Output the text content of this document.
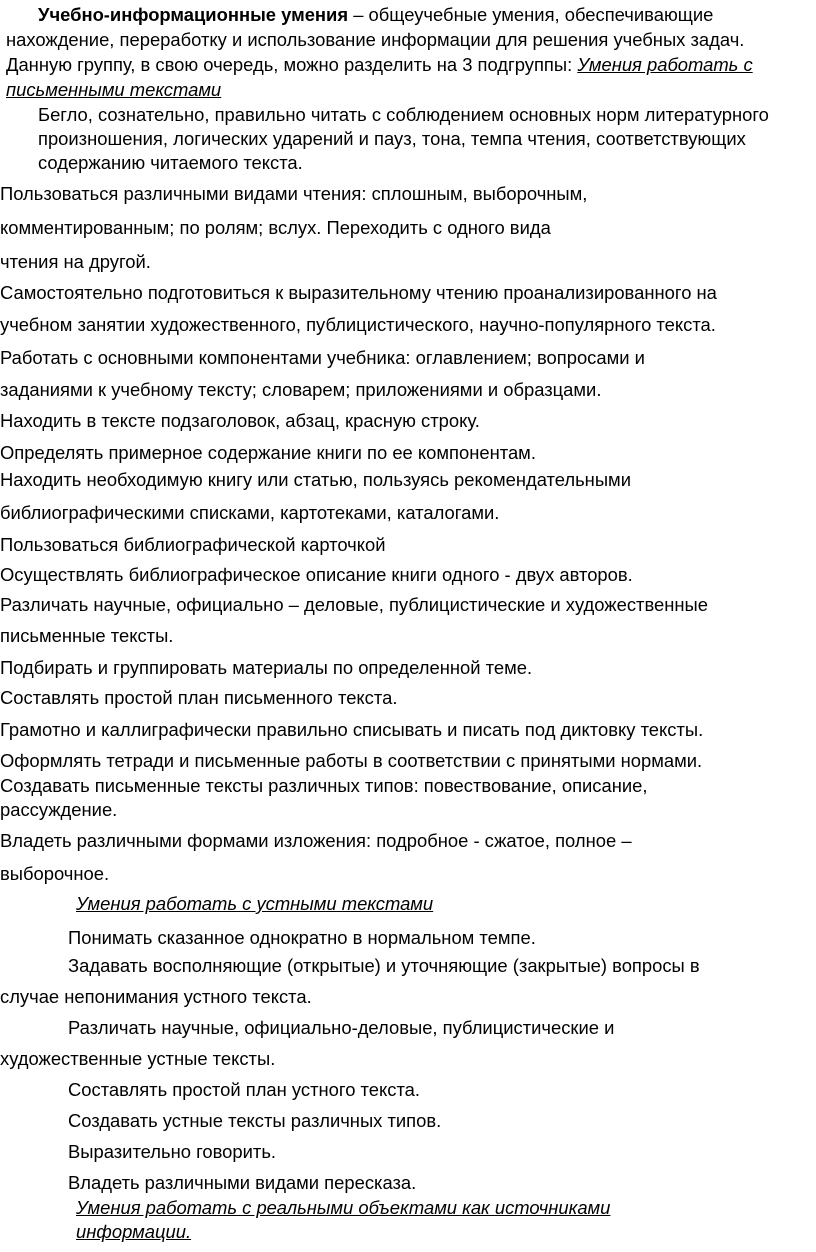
Учебно-информационные умения – общеучебные умения, обеспечивающие нахождение, переработку и использование информации для решения учебных задач. Данную группу, в свою очередь, можно разделить на 3 подгруппы: Умения работать с письменными текстами
Бегло, сознательно, правильно читать с соблюдением основных норм литературного произношения, логических ударений и пауз, тона, темпа чтения, соответствующих содержанию читаемого текста.
Пользоваться различными видами чтения: сплошным, выборочным,
комментированным; по ролям; вслух. Переходить с одного вида
чтения на другой.
Самостоятельно подготовиться к выразительному чтению проанализированного на
учебном занятии художественного, публицистического, научно-популярного текста.
Работать с основными компонентами учебника: оглавлением; вопросами и
заданиями к учебному тексту; словарем; приложениями и образцами.
Находить в тексте подзаголовок, абзац, красную строку.
Определять примерное содержание книги по ее компонентам.
Находить необходимую книгу или статью, пользуясь рекомендательными
библиографическими списками, картотеками, каталогами.
Пользоваться библиографической карточкой
Осуществлять библиографическое описание книги одного - двух авторов.
Различать научные, официально – деловые, публицистические и художественные
письменные тексты.
Подбирать и группировать материалы по определенной теме.
Составлять простой план письменного текста.
Грамотно и каллиграфически правильно списывать и писать под диктовку тексты.
Оформлять тетради и письменные работы в соответствии с принятыми нормами.
Создавать письменные тексты различных типов: повествование, описание,
рассуждение.
Владеть различными формами изложения: подробное - сжатое, полное –
выборочное.
Умения работать с устными текстами
Понимать сказанное однократно в нормальном темпе.
Задавать восполняющие (открытые) и уточняющие (закрытые) вопросы в
случае непонимания устного текста.
Различать научные, официально-деловые, публицистические и
художественные устные тексты.
Составлять простой план устного текста.
Создавать устные тексты различных типов.
Выразительно говорить.
Владеть различными видами пересказа.
Умения работать с реальными объектами как источниками
информации.
